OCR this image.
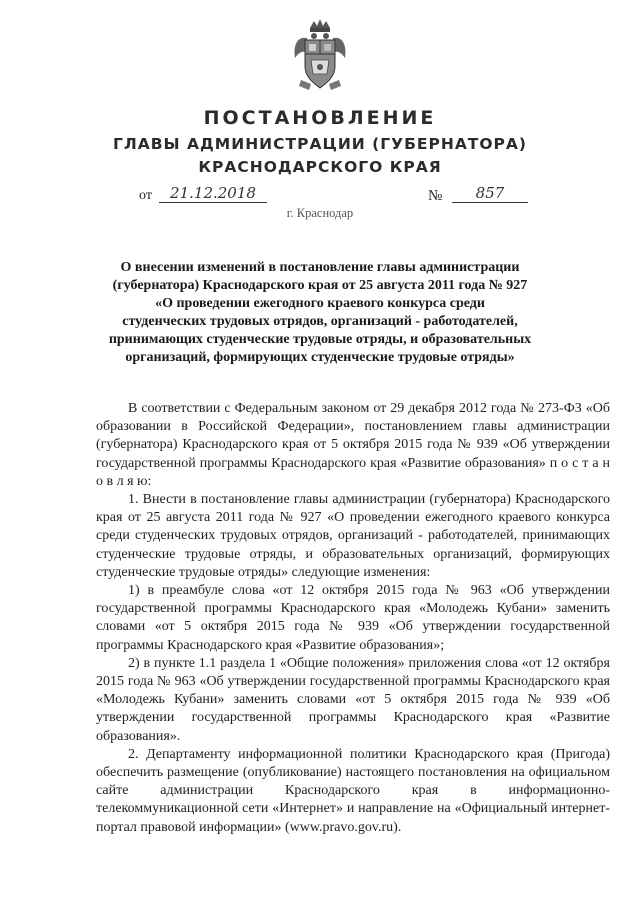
ПОСТАНОВЛЕНИЕ
ГЛАВЫ АДМИНИСТРАЦИИ (ГУБЕРНАТОРА)
КРАСНОДАРСКОГО КРАЯ
от	21.12.2018	№	857
г. Краснодар
О внесении изменений в постановление главы администрации
(губернатора) Краснодарского края от 25 августа 2011 года № 927
«О проведении ежегодного краевого конкурса среди
студенческих трудовых отрядов, организаций - работодателей,
принимающих студенческие трудовые отряды, и образовательных
организаций, формирующих студенческие трудовые отряды»

В соответствии с Федеральным законом от 29 декабря 2012 года № 273-ФЗ «Об образовании в Российской Федерации», постановлением главы администрации (губернатора) Краснодарского края от 5 октября 2015 года № 939 «Об утверждении государственной программы Краснодарского края «Развитие образования» п о с т а н о в л я ю:

1. Внести в постановление главы администрации (губернатора) Краснодарского края от 25 августа 2011 года № 927 «О проведении ежегодного краевого конкурса среди студенческих трудовых отрядов, организаций - работодателей, принимающих студенческие трудовые отряды, и образовательных организаций, формирующих студенческие трудовые отряды» следующие изменения:

1) в преамбуле слова «от 12 октября 2015 года № 963 «Об утверждении государственной программы Краснодарского края «Молодежь Кубани» заменить словами «от 5 октября 2015 года № 939 «Об утверждении государственной программы Краснодарского края «Развитие образования»;

2) в пункте 1.1 раздела 1 «Общие положения» приложения слова «от 12 октября 2015 года № 963 «Об утверждении государственной программы Краснодарского края «Молодежь Кубани» заменить словами «от 5 октября 2015 года № 939 «Об утверждении государственной программы Краснодарского края «Развитие образования».

2. Департаменту информационной политики Краснодарского края (Пригода) обеспечить размещение (опубликование) настоящего постановления на официальном сайте администрации Краснодарского края в информационно-телекоммуникационной сети «Интернет» и направление на «Официальный интернет-портал правовой информации» (www.pravo.gov.ru).
